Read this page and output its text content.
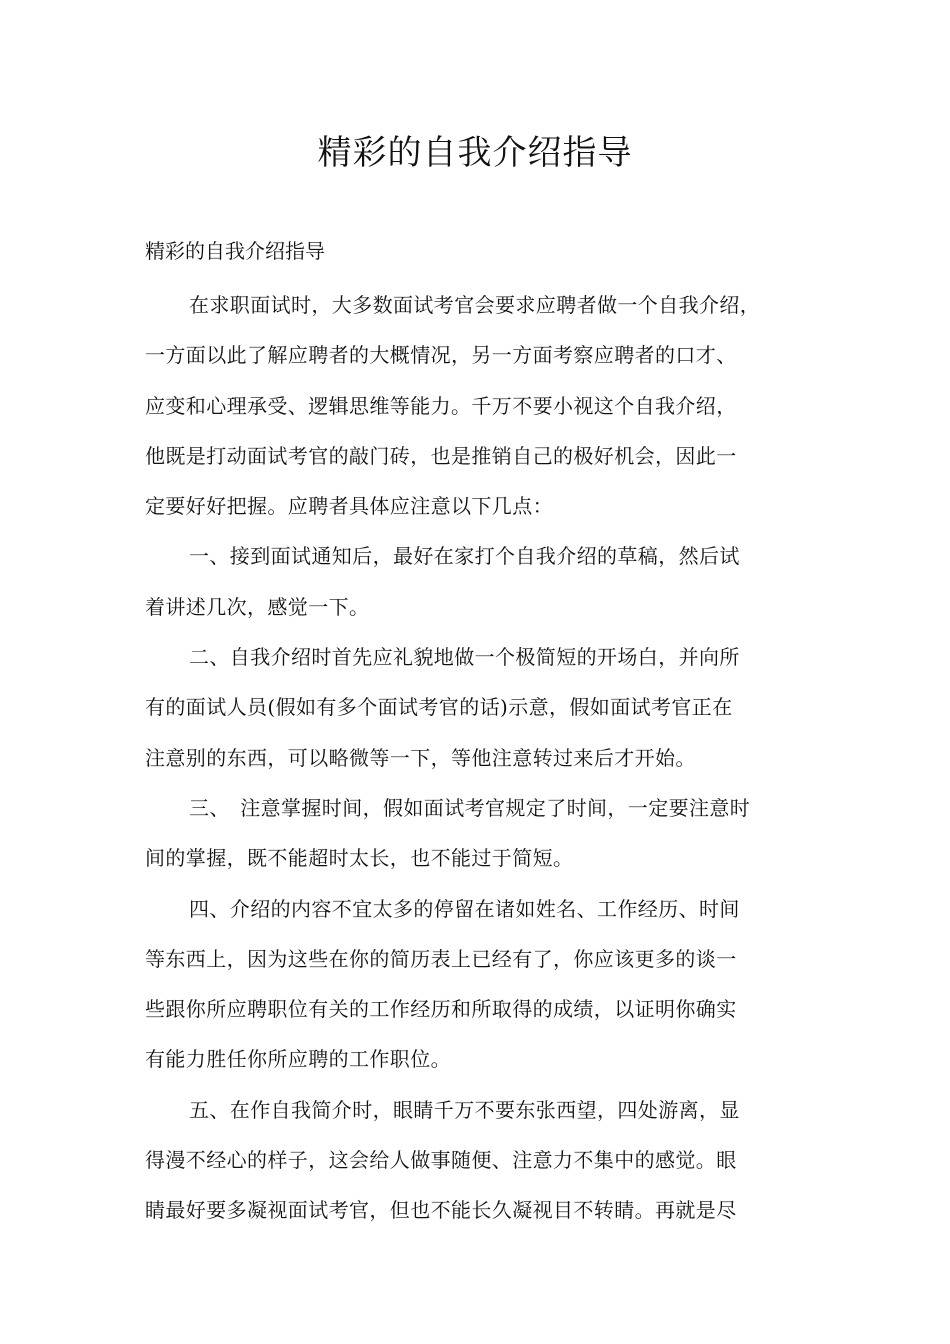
精彩的自我介绍指导

精彩的自我介绍指导

在求职面试时，大多数面试考官会要求应聘者做一个自我介绍，
一方面以此了解应聘者的大概情况，另一方面考察应聘者的口才、
应变和心理承受、逻辑思维等能力。千万不要小视这个自我介绍，
他既是打动面试考官的敲门砖，也是推销自己的极好机会，因此一
定要好好把握。应聘者具体应注意以下几点：
一、接到面试通知后，最好在家打个自我介绍的草稿，然后试
着讲述几次，感觉一下。
二、自我介绍时首先应礼貌地做一个极简短的开场白，并向所
有的面试人员(假如有多个面试考官的话)示意，假如面试考官正在
注意别的东西，可以略微等一下，等他注意转过来后才开始。
三、　注意掌握时间，假如面试考官规定了时间，一定要注意时
间的掌握，既不能超时太长，也不能过于简短。
四、介绍的内容不宜太多的停留在诸如姓名、工作经历、时间
等东西上，因为这些在你的简历表上已经有了，你应该更多的谈一
些跟你所应聘职位有关的工作经历和所取得的成绩，以证明你确实
有能力胜任你所应聘的工作职位。
五、在作自我简介时，眼睛千万不要东张西望，四处游离，显
得漫不经心的样子，这会给人做事随便、注意力不集中的感觉。眼
睛最好要多凝视面试考官，但也不能长久凝视目不转睛。再就是尽
